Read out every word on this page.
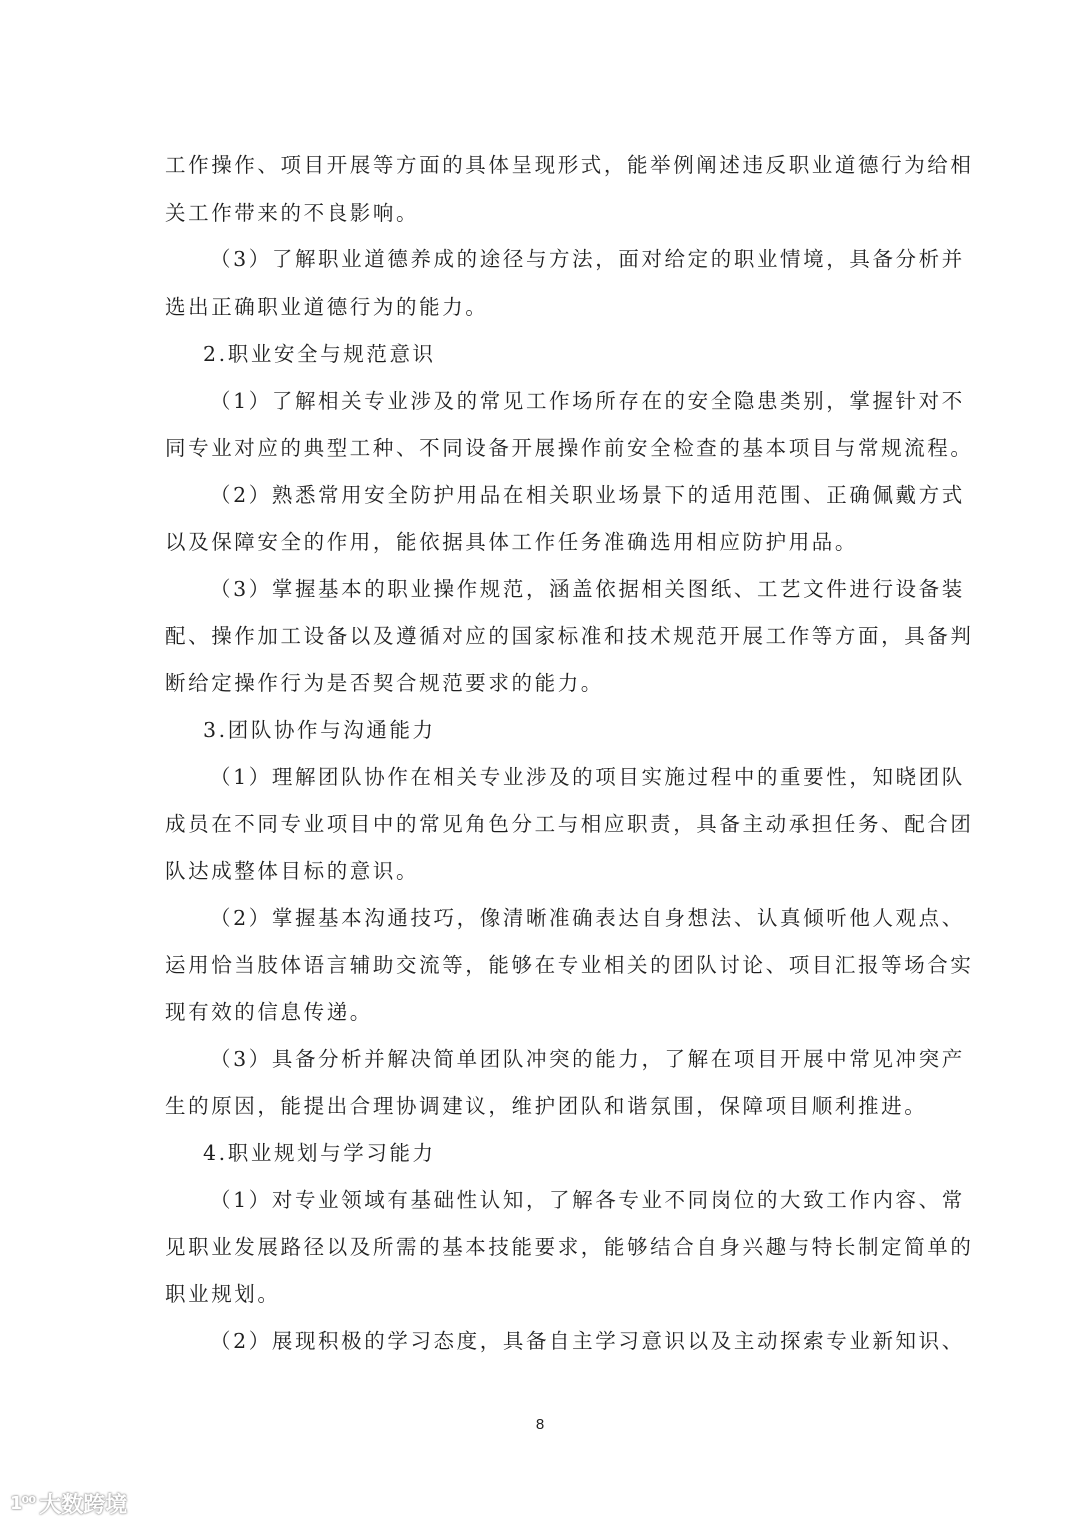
工作操作、项目开展等方面的具体呈现形式，能举例阐述违反职业道德行为给相
关工作带来的不良影响。
（3）了解职业道德养成的途径与方法，面对给定的职业情境，具备分析并
选出正确职业道德行为的能力。
2.职业安全与规范意识
（1）了解相关专业涉及的常见工作场所存在的安全隐患类别，掌握针对不
同专业对应的典型工种、不同设备开展操作前安全检查的基本项目与常规流程。
（2）熟悉常用安全防护用品在相关职业场景下的适用范围、正确佩戴方式
以及保障安全的作用，能依据具体工作任务准确选用相应防护用品。
（3）掌握基本的职业操作规范，涵盖依据相关图纸、工艺文件进行设备装
配、操作加工设备以及遵循对应的国家标准和技术规范开展工作等方面，具备判
断给定操作行为是否契合规范要求的能力。
3.团队协作与沟通能力
（1）理解团队协作在相关专业涉及的项目实施过程中的重要性，知晓团队
成员在不同专业项目中的常见角色分工与相应职责，具备主动承担任务、配合团
队达成整体目标的意识。
（2）掌握基本沟通技巧，像清晰准确表达自身想法、认真倾听他人观点、
运用恰当肢体语言辅助交流等，能够在专业相关的团队讨论、项目汇报等场合实
现有效的信息传递。
（3）具备分析并解决简单团队冲突的能力，了解在项目开展中常见冲突产
生的原因，能提出合理协调建议，维护团队和谐氛围，保障项目顺利推进。
4.职业规划与学习能力
（1）对专业领域有基础性认知，了解各专业不同岗位的大致工作内容、常
见职业发展路径以及所需的基本技能要求，能够结合自身兴趣与特长制定简单的
职业规划。
（2）展现积极的学习态度，具备自主学习意识以及主动探索专业新知识、
8
1⁰⁰ 大数跨境
